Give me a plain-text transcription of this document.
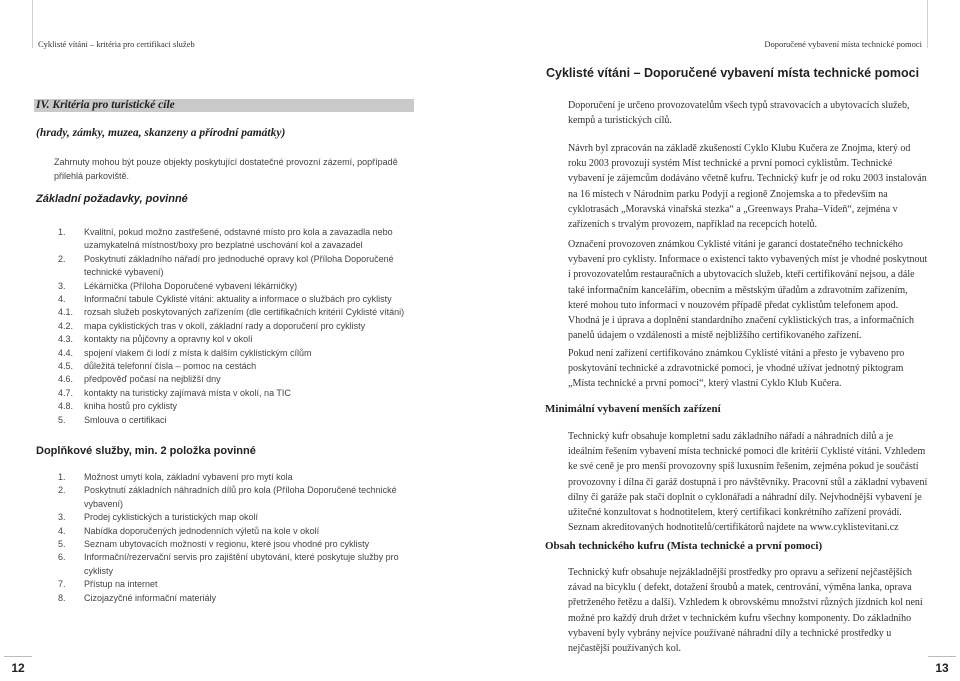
Cyklisté vítáni – kritéria pro certifikaci služeb	Doporučené vybavení místa technické pomoci
Cyklisté vítáni – Doporučené vybavení místa technické pomoci
IV. Kritéria pro turistické cíle
(hrady, zámky, muzea, skanzeny a přírodní památky)
Zahrnuty mohou být pouze objekty poskytující dostatečné provozní zázemí, popřípadě přilehlá parkoviště.
Základní požadavky, povinné
1.	Kvalitní, pokud možno zastřešené, odstavné místo pro kola a zavazadla nebo uzamykatelná místnost/boxy pro bezplatné uschování kol a zavazadel
2.	Poskytnutí základního nářadí pro jednoduché opravy kol (Příloha Doporučené technické vybavení)
3.	Lékárnička (Příloha Doporučené vybavení lékárničky)
4.	Informační tabule Cyklisté vítáni: aktuality a informace o službách pro cyklisty
4.1.	rozsah služeb poskytovaných zařízením (dle certifikačních kritérií Cyklisté vítáni)
4.2.	mapa cyklistických tras v okolí, základní rady a doporučení pro cyklisty
4.3.	kontakty na půjčovny a opravny kol v okolí
4.4.	spojení vlakem či lodí z místa k dalším cyklistickým cílům
4.5.	důležitá telefonní čísla – pomoc na cestách
4.6.	předpověď počasí na nejbližší dny
4.7.	kontakty na turisticky zajímavá místa v okolí, na TIC
4.8.	kniha hostů pro cyklisty
5.	Smlouva o certifikaci
Doplňkové služby, min. 2 položka povinné
1.	Možnost umytí kola, základní vybavení pro mytí kola
2.	Poskytnutí základních náhradních dílů pro kola (Příloha Doporučené technické vybavení)
3.	Prodej cyklistických a turistických map okolí
4.	Nabídka doporučených jednodenních výletů na kole v okolí
5.	Seznam ubytovacích možností v regionu, které jsou vhodné pro cyklisty
6.	Informační/rezervační servis pro zajištění ubytování, které poskytuje služby pro cyklisty
7.	Přístup na internet
8.	Cizojazyčné informační materiály

Doporučení je určeno provozovatelům všech typů stravovacích a ubytovacích služeb, kempů a turistických cílů.

Návrh byl zpracován na základě zkušeností Cyklo Klubu Kučera ze Znojma, který od roku 2003 provozují systém Míst technické a první pomoci cyklistům. Technické vybavení je zájemcům dodáváno včetně kufru. Technický kufr je od roku 2003 instalován na 16 místech v Národním parku Podyjí a regioně Znojemska a to především na cyklotrasách „Moravská vinařská stezka“ a „Greenways Praha–Vídeň“, zejména v zařízeních s trvalým provozem, například na recepcích hotelů.

Označení provozoven známkou Cyklisté vítáni je garancí dostatečného technického vybavení pro cyklisty. Informace o existenci takto vybavených míst je vhodné poskytnout i provozovatelům restauračních a ubytovacích služeb, kteří certifikování nejsou, a dále také informačním kancelářím, obecním a městským úřadům a zdravotním zařízením, které mohou tuto informaci v nouzovém případě předat cyklistům telefonem apod. Vhodná je i úprava a doplnění standardního značení cyklistických tras, a informačních panelů údajem o vzdálenosti a místě nejbližšího certifikovaného zařízení.

Pokud není zařízení certifikováno známkou Cyklisté vítáni a přesto je vybaveno pro poskytování technické a zdravotnické pomoci, je vhodné užívat jednotný piktogram „Místa technické a první pomoci“, který vlastní Cyklo Klub Kučera.

Minimální vybavení menších zařízení

Technický kufr obsahuje kompletní sadu základního nářadí a náhradních dílů a je ideálním řešením vybavení místa technické pomoci dle kritérií Cyklisté vítáni. Vzhledem ke své ceně je pro menší provozovny spíš luxusním řešením, zejména pokud je součástí provozovny i dílna či garáž dostupná i pro návštěvníky. Pracovní stůl a základní vybavení dílny či garáže pak stačí doplnit o cyklonářadí a náhradní díly. Nejvhodnější vybavení je užitečné konzultovat s hodnotitelem, který certifikaci konkrétního zařízení provádí. Seznam akreditovaných hodnotitelů/certifikátorů najdete na www.cyklistevitani.cz

Obsah technického kufru (Místa technické a první pomoci)

Technický kufr obsahuje nejzákladnější prostředky pro opravu a seřízení nejčastějších závad na bicyklu ( defekt, dotažení šroubů a matek, centrování, výměna lanka, oprava přetrženého řetězu a další). Vzhledem k obrovskému množství různých jízdních kol není možné pro každý druh držet v technickém kufru všechny komponenty. Do základního vybavení byly vybrány nejvíce používané náhradní díly a technické prostředky u nejčastější používaných kol.

12	13
